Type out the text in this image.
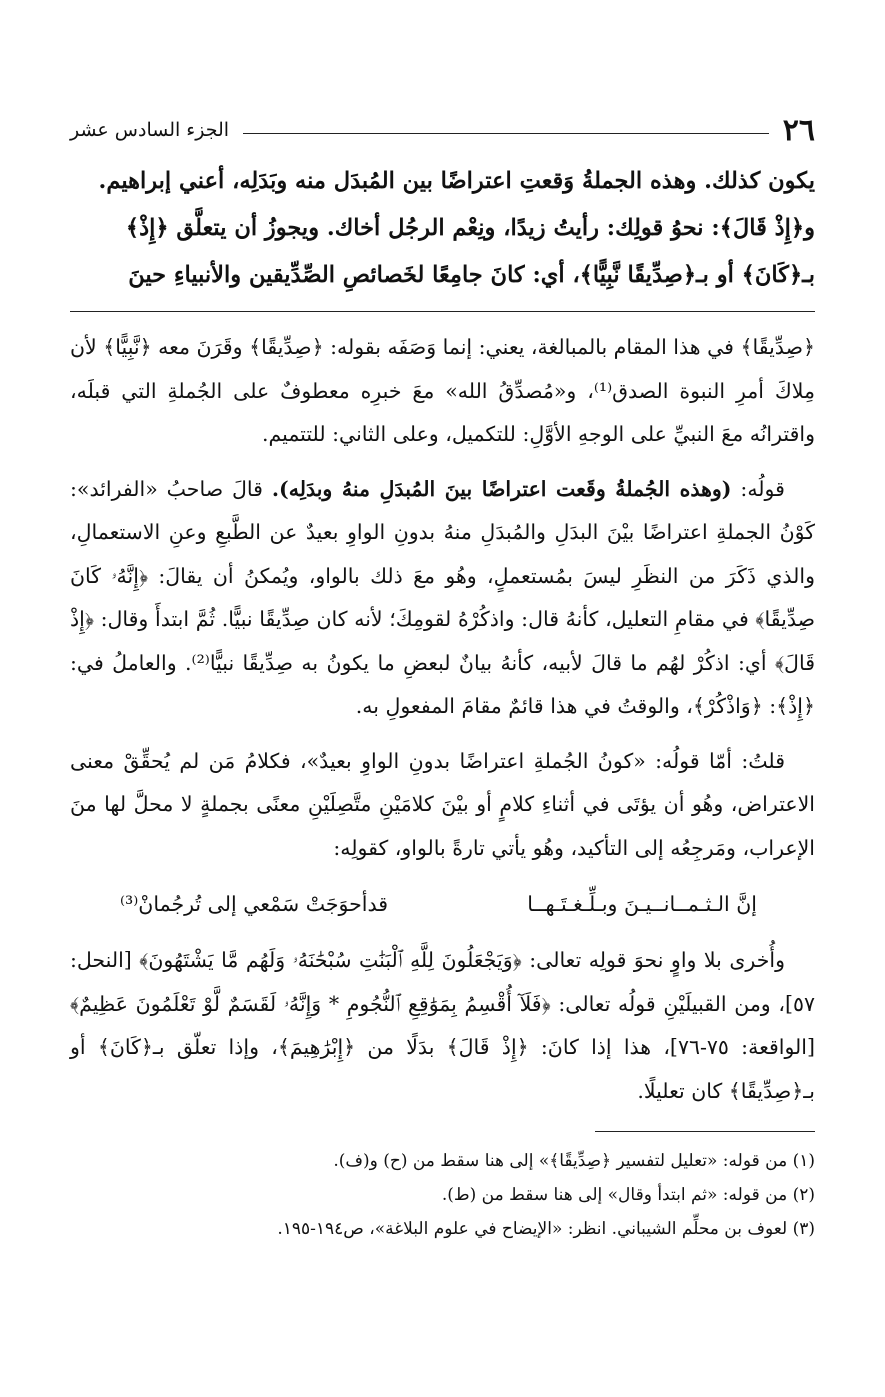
٢٦
الجزء السادس عشر

يكون كذلك. وهذه الجملةُ وَقعتِ اعتراضًا بين المُبدَل منه وبَدَلِه، أعني إبراهيم.

و﴿إِذْ قَالَ﴾: نحوُ قولِك: رأيتُ زيدًا، ونِعْم الرجُل أخاك. ويجوزُ أن يتعلَّق ﴿إِذْ﴾

بـ﴿كَانَ﴾ أو بـ﴿صِدِّيقًا نَّبِيًّا﴾، أي: كانَ جامِعًا لخَصائصِ الصِّدِّيقين والأنبياءِ حينَ

﴿صِدِّيقًا﴾ في هذا المقام بالمبالغة، يعني: إنما وَصَفَه بقوله: ﴿صِدِّيقًا﴾ وقَرَنَ معه ﴿نَّبِيًّا﴾ لأن مِلاكَ أمرِ النبوة الصدق⁽¹⁾، و«مُصدِّقُ الله» معَ خبرِه معطوفٌ على الجُملةِ التي قبلَه، واقترانُه معَ النبيِّ على الوجهِ الأوَّلِ: للتكميل، وعلى الثاني: للتتميم.

قولُه: (وهذه الجُملةُ وقَعت اعتراضًا بينَ المُبدَلِ منهُ وبدَلِه). قالَ صاحبُ «الفرائد»: كَوْنُ الجملةِ اعتراضًا بيْنَ البدَلِ والمُبدَلِ منهُ بدونِ الواوِ بعيدٌ عن الطَّبعِ وعنِ الاستعمالِ، والذي ذَكَرَ من النظَرِ ليسَ بمُستعملٍ، وهُو معَ ذلك بالواو، ويُمكنُ أن يقالَ: ﴿إِنَّهُۥ كَانَ صِدِّيقًا﴾ في مقامِ التعليل، كأنهُ قال: واذكُرْهُ لقومِكَ؛ لأنه كان صِدِّيقًا نبيًّا. ثُمَّ ابتدأَ وقال: ﴿إِذْ قَالَ﴾ أي: اذكُرْ لهُم ما قالَ لأبيه، كأنهُ بيانٌ لبعضِ ما يكونُ به صِدِّيقًا نبيًّا⁽²⁾. والعاملُ في: ﴿إِذْ﴾: ﴿وَاذْكُرْ﴾، والوقتُ في هذا قائمٌ مقامَ المفعولِ به.

قلتُ: أمّا قولُه: «كونُ الجُملةِ اعتراضًا بدونِ الواوِ بعيدٌ»، فكلامُ مَن لم يُحقِّقْ معنى الاعتراض، وهُو أن يؤتَى في أثناءِ كلامٍ أو بيْنَ كلامَيْنِ متَّصِلَيْنِ معنًى بجملةٍ لا محلَّ لها منَ الإعراب، ومَرجِعُه إلى التأكيد، وهُو يأتي تارةً بالواو، كقولِه:

إنَّ الـثـمــانــيـنَ وبـلِّـغـتَـهــا
قدأحوَجَتْ سَمْعي إلى تُرجُمانْ⁽³⁾

وأُخرى بلا واوٍ نحوَ قولِه تعالى: ﴿وَيَجْعَلُونَ لِلَّهِ ٱلْبَنَٰتِ سُبْحَٰنَهُۥ وَلَهُم مَّا يَشْتَهُونَ﴾ [النحل: ٥٧]، ومن القبيلَيْنِ قولُه تعالى: ﴿فَلَآ أُقْسِمُ بِمَوَٰقِعِ ٱلنُّجُومِ * وَإِنَّهُۥ لَقَسَمٌ لَّوْ تَعْلَمُونَ عَظِيمٌ﴾ [الواقعة: ٧٥-٧٦]، هذا إذا كانَ: ﴿إِذْ قَالَ﴾ بدَلًا من ﴿إِبْرَٰهِيمَ﴾، وإذا تعلّق بـ﴿كَانَ﴾ أو بـ﴿صِدِّيقًا﴾ كان تعليلًا.

(١) من قوله: «تعليل لتفسير ﴿صِدِّيقًا﴾» إلى هنا سقط من (ح) و(ف).
(٢) من قوله: «ثم ابتدأ وقال» إلى هنا سقط من (ط).
(٣) لعوف بن محلِّم الشيباني. انظر: «الإيضاح في علوم البلاغة»، ص١٩٤-١٩٥.
